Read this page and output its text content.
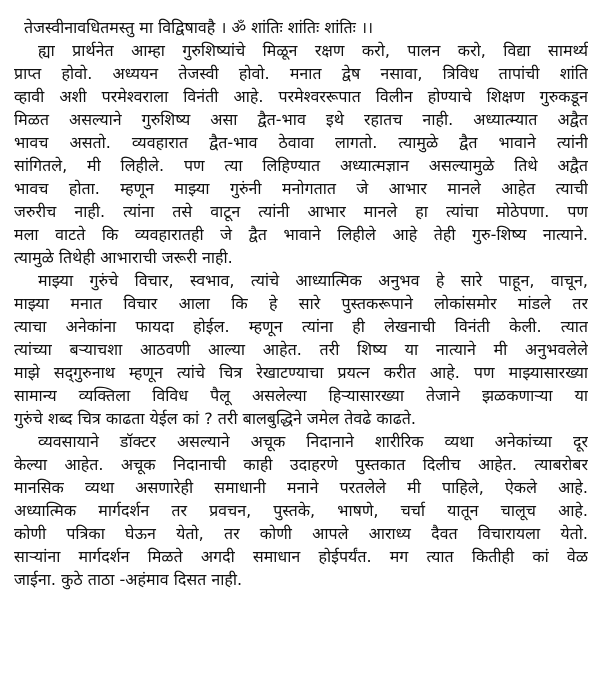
तेजस्वीनावधितमस्तु मा विद्विषावहै । ॐ शांतिः शांतिः शांतिः ।।
ह्या प्रार्थनेत आम्हा गुरुशिष्यांचे मिळून रक्षण करो, पालन करो, विद्या सामर्थ्य
प्राप्त होवो. अध्ययन तेजस्वी होवो. मनात द्वेष नसावा, त्रिविध तापांची शांति
व्हावी अशी परमेश्वराला विनंती आहे. परमेश्वररूपात विलीन होण्याचे शिक्षण गुरुकडून
मिळत असल्याने गुरुशिष्य असा द्वैत-भाव इथे रहातच नाही. अध्यात्म्यात अद्वैत
भावच असतो. व्यवहारात द्वैत-भाव ठेवावा लागतो. त्यामुळे द्वैत भावाने त्यांनी
सांगितले, मी लिहीले. पण त्या लिहिण्यात अध्यात्मज्ञान असल्यामुळे तिथे अद्वैत
भावच होता. म्हणून माझ्या गुरुंनी मनोगतात जे आभार मानले आहेत त्याची
जरुरीच नाही. त्यांना तसे वाटून त्यांनी आभार मानले हा त्यांचा मोठेपणा. पण
मला वाटते कि व्यवहारातही जे द्वैत भावाने लिहीले आहे तेही गुरु-शिष्य नात्याने.
त्यामुळे तिथेही आभाराची जरूरी नाही.
माझ्या गुरुंचे विचार, स्वभाव, त्यांचे आध्यात्मिक अनुभव हे सारे पाहून, वाचून,
माझ्या मनात विचार आला कि हे सारे पुस्तकरूपाने लोकांसमोर मांडले तर
त्याचा अनेकांना फायदा होईल. म्हणून त्यांना ही लेखनाची विनंती केली. त्यात
त्यांच्या बऱ्याचशा आठवणी आल्या आहेत. तरी शिष्य या नात्याने मी अनुभवलेले
माझे सद्‌गुरुनाथ म्हणून त्यांचे चित्र रेखाटण्याचा प्रयत्न करीत आहे. पण माझ्यासारख्या
सामान्य व्यक्तिला विविध पैलू असलेल्या हिऱ्यासारख्या तेजाने झळकणाऱ्या या
गुरुंचे शब्द चित्र काढता येईल कां ? तरी बालबुद्धिने जमेल तेवढे काढते.
व्यवसायाने डॉक्टर असल्याने अचूक निदानाने शारीरिक व्यथा अनेकांच्या दूर
केल्या आहेत. अचूक निदानाची काही उदाहरणे पुस्तकात दिलीच आहेत. त्याबरोबर
मानसिक व्यथा असणारेही समाधानी मनाने परतलेले मी पाहिले, ऐकले आहे.
अध्यात्मिक मार्गदर्शन तर प्रवचन, पुस्तके, भाषणे, चर्चा यातून चालूच आहे.
कोणी पत्रिका घेऊन येतो, तर कोणी आपले आराध्य दैवत विचारायला येतो.
साऱ्यांना मार्गदर्शन मिळते अगदी समाधान होईपर्यंत. मग त्यात कितीही कां वेळ
जाईना. कुठे ताठा -अहंमाव दिसत नाही.
